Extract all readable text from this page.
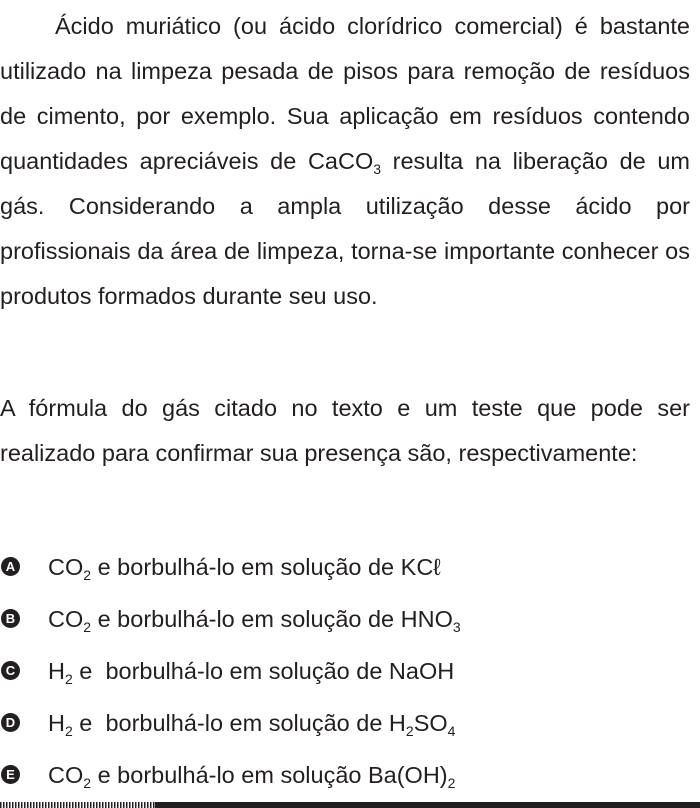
Ácido muriático (ou ácido clorídrico comercial) é bastante utilizado na limpeza pesada de pisos para remoção de resíduos de cimento, por exemplo. Sua aplicação em resíduos contendo quantidades apreciáveis de CaCO$_3$ resulta na liberação de um gás. Considerando a ampla utilização desse ácido por profissionais da área de limpeza, torna-se importante conhecer os produtos formados durante seu uso.

A fórmula do gás citado no texto e um teste que pode ser realizado para confirmar sua presença são, respectivamente:

A $CO_2$ e borbulhá-lo em solução de KCℓ
B $CO_2$ e borbulhá-lo em solução de $HNO_3$
C $H_2$ e  borbulhá-lo em solução de NaOH
D $H_2$ e  borbulhá-lo em solução de $H_2SO_4$
E $CO_2$ e borbulhá-lo em solução $Ba(OH)_2$
